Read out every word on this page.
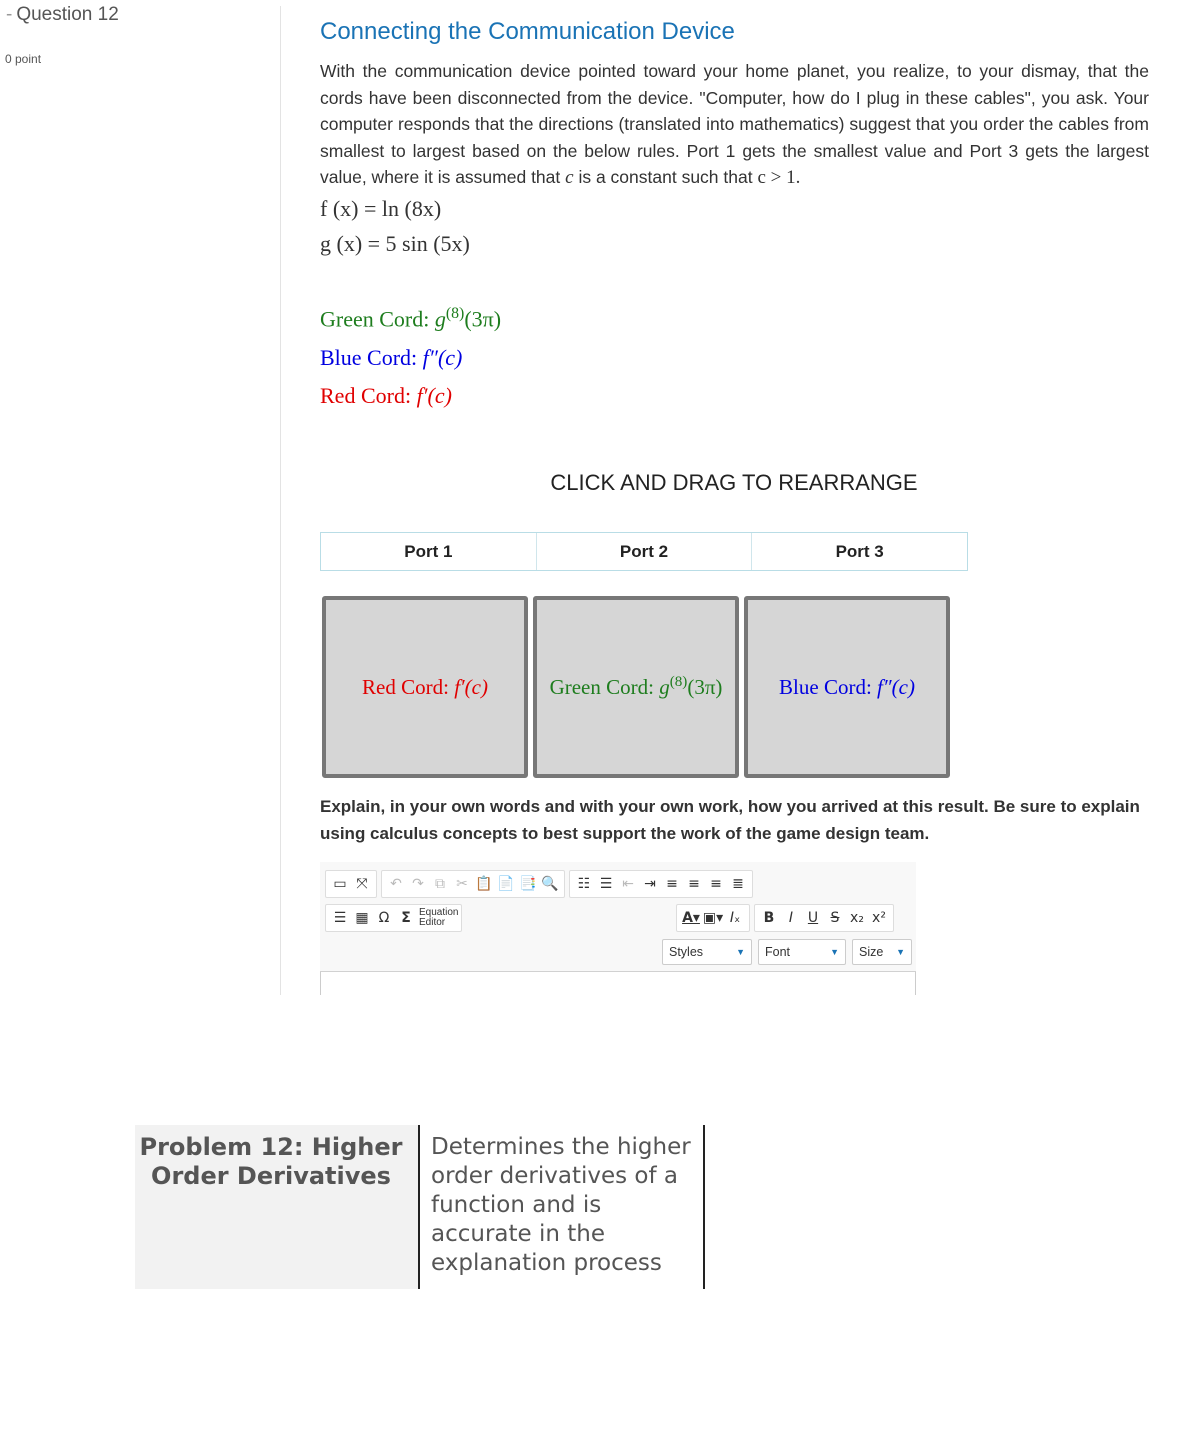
- Question 12
0 point
Connecting the Communication Device
With the communication device pointed toward your home planet, you realize, to your dismay, that the cords have been disconnected from the device. "Computer, how do I plug in these cables", you ask. Your computer responds that the directions (translated into mathematics) suggest that you order the cables from smallest to largest based on the below rules. Port 1 gets the smallest value and Port 3 gets the largest value, where it is assumed that c is a constant such that c > 1.
f (x) = ln (8x)
g (x) = 5 sin (5x)
Green Cord: $g^{(8)}(3\pi)$
Blue Cord: f″(c)
Red Cord: f′(c)
CLICK AND DRAG TO REARRANGE
Port 1	Port 2	Port 3
Red Cord: f′(c)	Green Cord: $g^{(8)}(3\pi)$	Blue Cord: f″(c)
Explain, in your own words and with your own work, how you arrived at this result. Be sure to explain using calculus concepts to best support the work of the game design team.
▭ ⤧	↶ ↷ ⧉ ✂ 📋 📄 📑 🔍	☷ ☰ ⇤ ⇥ ≡ ≡ ≡ ≣
☰ ▦ Ω Σ Equation
Editor	A▾ ▣▾ I ₓ	B	I	U S x₂ x²
Styles	▼ Font	▼ Size ▼
Problem 12: Higher Order Derivatives
Determines the higher order derivatives of a function and is accurate in the explanation process
